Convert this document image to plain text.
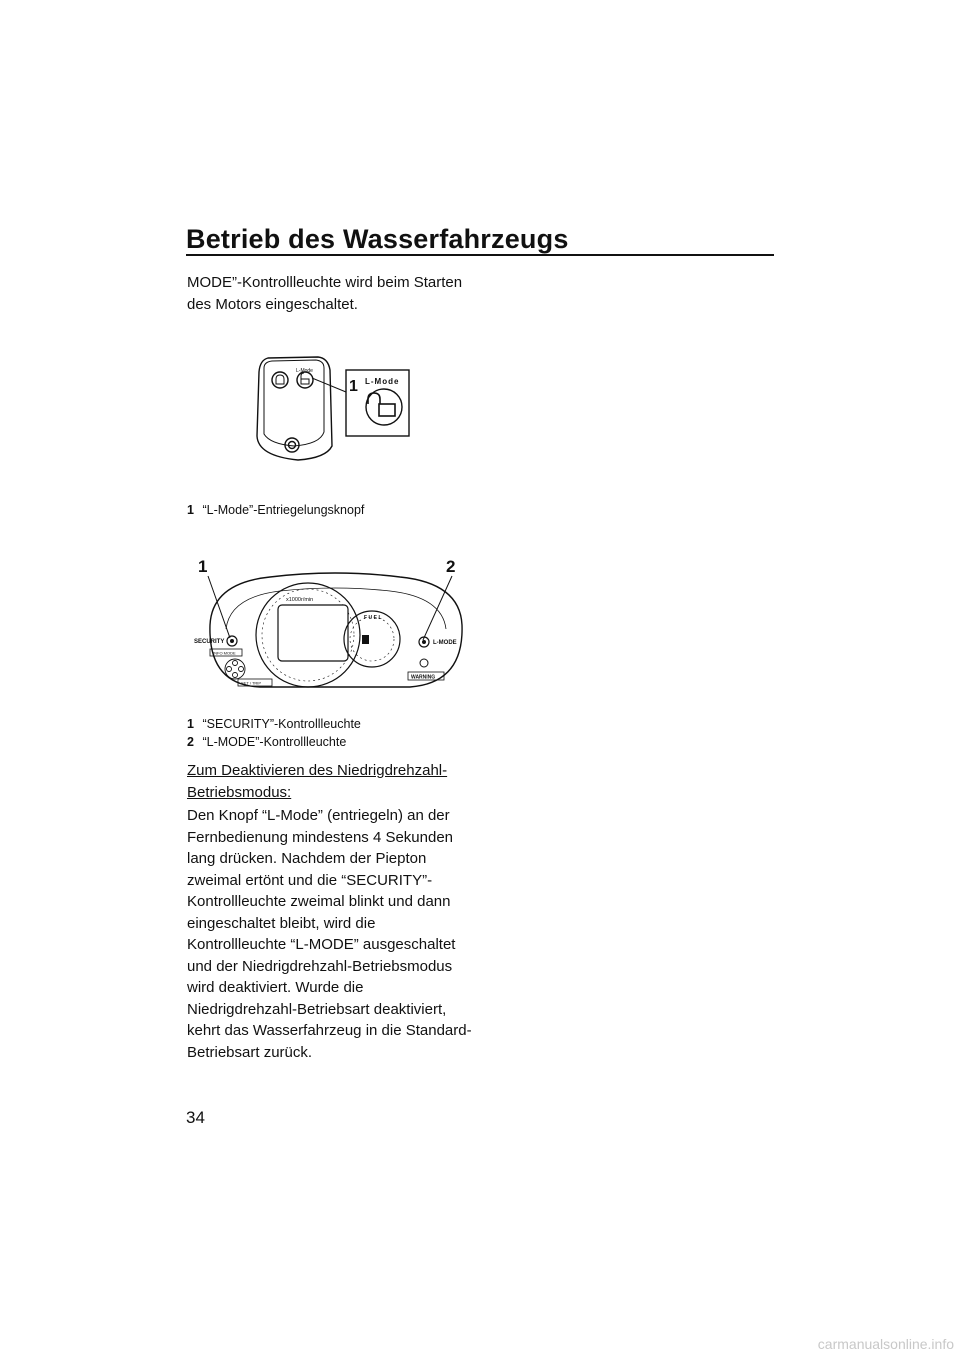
Betrieb des Wasserfahrzeugs
MODE”-Kontrollleuchte wird beim Starten des Motors eingeschaltet.
L-Mode
1 L-Mode
1 “L-Mode”-Entriegelungsknopf
1	2
x1000r/min
FUEL
SECURITY	L-MODE
WARNING
INFO MODE
SET / TRIP
1 “SECURITY”-Kontrollleuchte
2 “L-MODE”-Kontrollleuchte
Zum Deaktivieren des Niedrigdrehzahl-Betriebsmodus:
Den Knopf “L-Mode” (entriegeln) an der Fernbedienung mindestens 4 Sekunden lang drücken. Nachdem der Piepton zweimal ertönt und die “SECURITY”-Kontrollleuchte zweimal blinkt und dann eingeschaltet bleibt, wird die Kontrollleuchte “L-MODE” ausgeschaltet und der Niedrigdrehzahl-Betriebsmodus wird deaktiviert. Wurde die Niedrigdrehzahl-Betriebsart deaktiviert, kehrt das Wasserfahrzeug in die Standard-Betriebsart zurück.
34
carmanualsonline.info
